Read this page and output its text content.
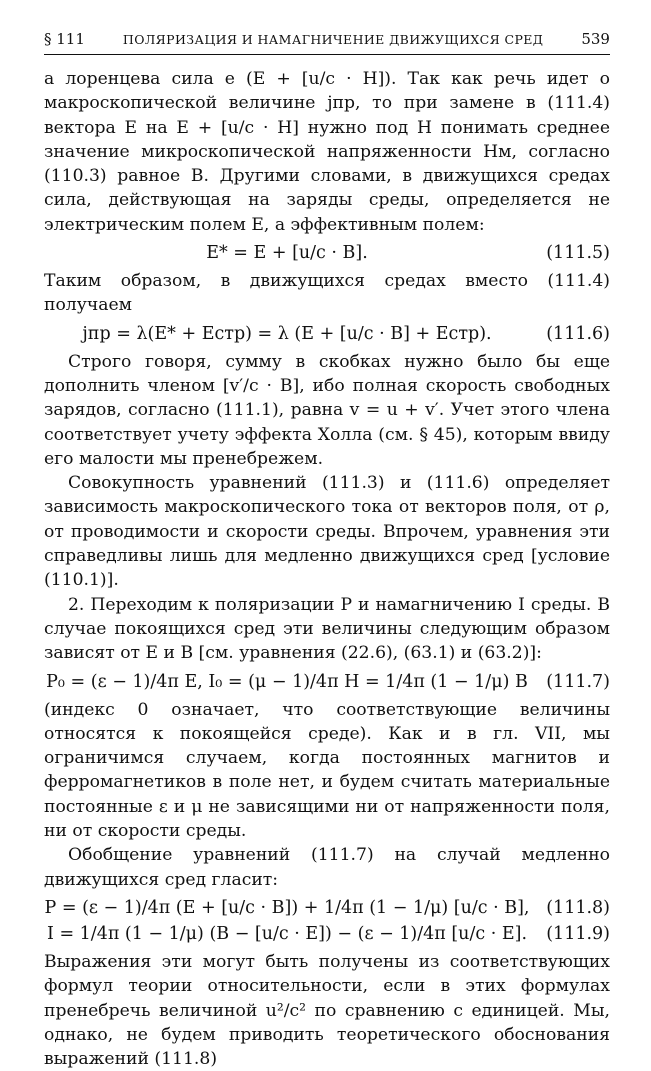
§ 111	ПОЛЯРИЗАЦИЯ И НАМАГНИЧЕНИЕ ДВИЖУЩИХСЯ СРЕД	539

а лоренцева сила e (E + [u/c · H]). Так как речь идет о макроскопической величине jпр, то при замене в (111.4) вектора E на E + [u/c · H] нужно под H понимать среднее значение микроскопической напряженности Hм, согласно (110.3) равное B. Другими словами, в движущихся средах сила, действующая на заряды среды, определяется не электрическим полем E, а эффективным полем:

E* = E + [u/c · B].	(111.5)

Таким образом, в движущихся средах вместо (111.4) получаем

jпр = λ(E* + Eстр) = λ (E + [u/c · B] + Eстр).	(111.6)

Строго говоря, сумму в скобках нужно было бы еще дополнить членом [v′/c · B], ибо полная скорость свободных зарядов, согласно (111.1), равна v = u + v′. Учет этого члена соответствует учету эффекта Холла (см. § 45), которым ввиду его малости мы пренебрежем.

Совокупность уравнений (111.3) и (111.6) определяет зависимость макроскопического тока от векторов поля, от ρ, от проводимости и скорости среды. Впрочем, уравнения эти справедливы лишь для медленно движущихся сред [условие (110.1)].

2. Переходим к поляризации P и намагничению I среды. В случае покоящихся сред эти величины следующим образом зависят от E и B [см. уравнения (22.6), (63.1) и (63.2)]:

P₀ = (ε − 1)/4π E, I₀ = (μ − 1)/4π H = 1/4π (1 − 1/μ) B	(111.7)

(индекс 0 означает, что соответствующие величины относятся к покоящейся среде). Как и в гл. VII, мы ограничимся случаем, когда постоянных магнитов и ферромагнетиков в поле нет, и будем считать материальные постоянные ε и μ не зависящими ни от напряженности поля, ни от скорости среды.

Обобщение уравнений (111.7) на случай медленно движущихся сред гласит:

P = (ε − 1)/4π (E + [u/c · B]) + 1/4π (1 − 1/μ) [u/c · B], (111.8)
I = 1/4π (1 − 1/μ) (B − [u/c · E]) − (ε − 1)/4π [u/c · E].	(111.9)

Выражения эти могут быть получены из соответствующих формул теории относительности, если в этих формулах пренебречь величиной u²/c² по сравнению с единицей. Мы, однако, не будем приводить теоретического обоснования выражений (111.8)
